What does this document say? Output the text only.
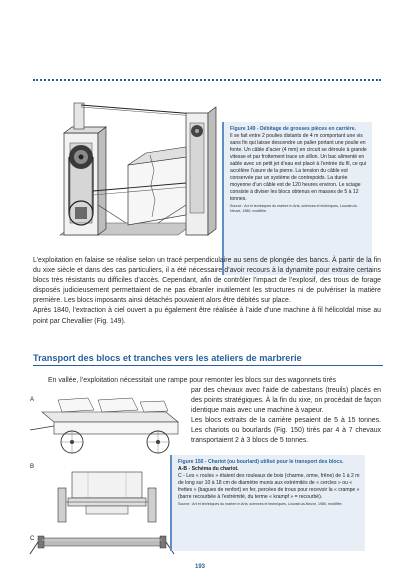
Figure 149 - Débitage de grosses pièces en carrière.
Il se fait entre 2 poulies distants de 4 m comportant une vis sans fin qui laisse descendre un palier portant une poulie en fonte. Un câble d’acier (4 mm) en circuit se déroule à grande vitesse et par frottement trace un sillon. Un bac alimenté en sable avec un petit jet d’eau est placé à l’entrée du fil, ce qui accélère l’usure de la pierre. La tension du câble est conservée par un système de contrepoids. La durée moyenne d’un câble est de 120 heures environ. Le sciage consiste à diviser les blocs obtenus en masses de 5 à 12 tonnes.
Source : Art et techniques du marbre in Arts, sciences et techniques, Louvain-la-Neuve, 1980, modifiée.

L’exploitation en falaise se réalise selon un tracé perpendiculaire au sens de plongée des bancs. À partir de la fin du xixe siècle et dans des cas particuliers, il a été nécessaire d’avoir recours à la dynamite pour extraire certains blocs très résistants ou difficiles d’accès. Cependant, afin de contrôler l’impact de l’explosif, des trous de forage disposés judicieusement permettaient de ne pas ébranler inutilement les structures ni de pulvériser la matière première. Les blocs imposants ainsi détachés pouvaient alors être débités sur place.

Après 1840, l’extraction à ciel ouvert a pu également être réalisée à l’aide d’une machine à fil hélicoïdal mise au point par Chevallier (Fig. 149).

Transport des blocs et tranches vers les ateliers de marbrerie

En vallée, l’exploitation nécessitait une rampe pour remonter les blocs sur des wagonnets tirés

par des chevaux avec l’aide de cabestans (treuils) placés en des points stratégiques. À la fin du xixe, on procédait de façon identique mais avec une machine à vapeur.

Les blocs extraits de la carrière pesaient de 5 à 15 tonnes. Les chariots ou bourlards (Fig. 150) tirés par 4 à 7 chevaux transportaient 2 à 3 blocs de 5 tonnes.

A
B
C
Figure 150 - Chariot (ou bourlard) utilisé pour le transport des blocs.
A-B - Schéma du chariot.
C - Les « roules » étaient des rouleaux de bois (charme, orme, frêne) de 1 à 2 m de long sur 10 à 18 cm de diamètre munis aux extrémités de « cercles » ou « frettes » (bagues de renfort) en fer, percées de trous pour recevoir la « crampe » (barre recourbée à l’extrémité, du terme « krampf » = recourbé).
Source : Art et techniques du marbre in Arts, sciences et techniques, Louvain-la-Neuve, 1980, modifiée.
193
